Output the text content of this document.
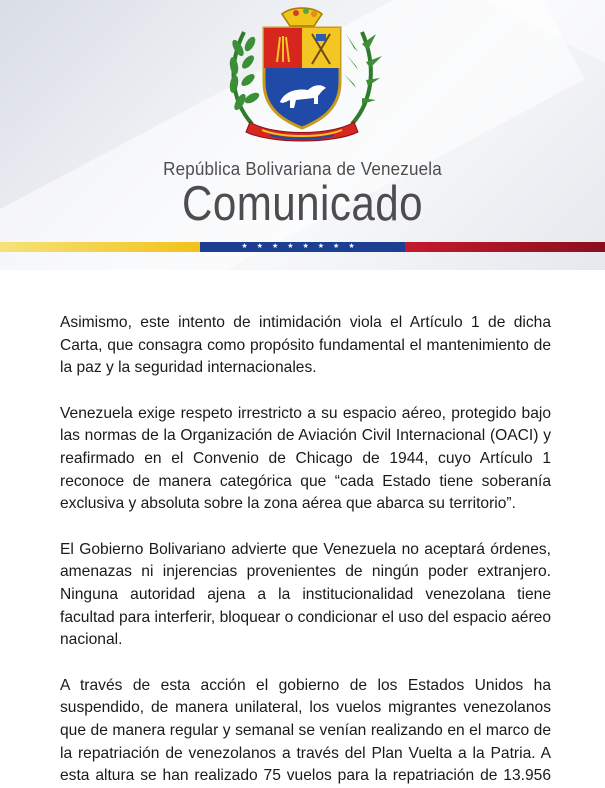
República Bolivariana de Venezuela
Comunicado
★★★★★★★★

Asimismo, este intento de intimidación viola el Artículo 1 de dicha Carta, que consagra como propósito fundamental el mantenimiento de la paz y la seguridad internacionales.

Venezuela exige respeto irrestricto a su espacio aéreo, protegido bajo las normas de la Organización de Aviación Civil Internacional (OACI) y reafirmado en el Convenio de Chicago de 1944, cuyo Artículo 1 reconoce de manera categórica que “cada Estado tiene soberanía exclusiva y absoluta sobre la zona aérea que abarca su territorio”.

El Gobierno Bolivariano advierte que Venezuela no aceptará órdenes, amenazas ni injerencias provenientes de ningún poder extranjero. Ninguna autoridad ajena a la institucionalidad venezolana tiene facultad para interferir, bloquear o condicionar el uso del espacio aéreo nacional.

A través de esta acción el gobierno de los Estados Unidos ha suspendido, de manera unilateral, los vuelos migrantes venezolanos que de manera regular y semanal se venían realizando en el marco de la repatriación de venezolanos a través del Plan Vuelta a la Patria. A esta altura se han realizado 75 vuelos para la repatriación de 13.956
